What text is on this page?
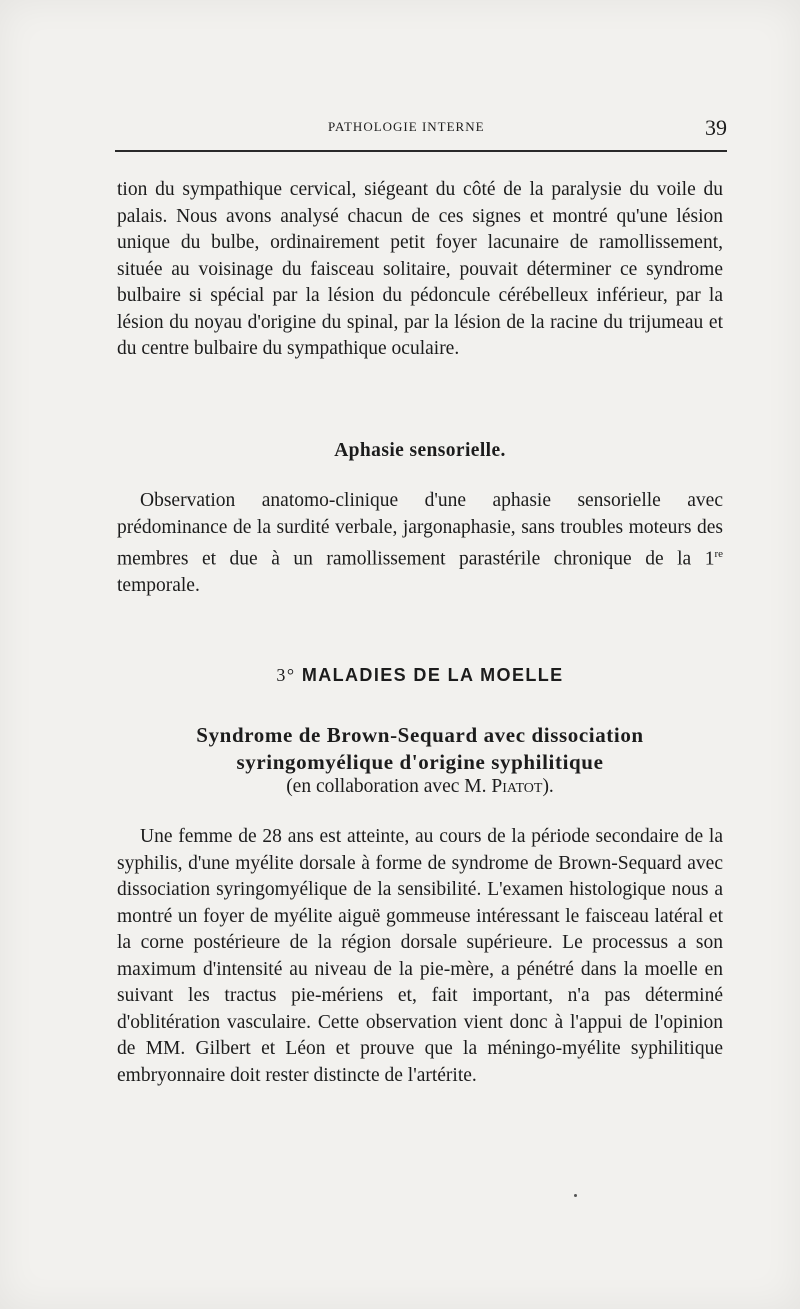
PATHOLOGIE INTERNE	39

tion du sympathique cervical, siégeant du côté de la paralysie du voile du palais. Nous avons analysé chacun de ces signes et montré qu'une lésion unique du bulbe, ordinairement petit foyer lacunaire de ramollissement, située au voisinage du faisceau solitaire, pouvait déterminer ce syndrome bulbaire si spécial par la lésion du pédoncule cérébelleux inférieur, par la lésion du noyau d'origine du spinal, par la lésion de la racine du trijumeau et du centre bulbaire du sympathique oculaire.

Aphasie sensorielle.

Observation anatomo-clinique d'une aphasie sensorielle avec prédominance de la surdité verbale, jargonaphasie, sans troubles moteurs des membres et due à un ramollissement parastérile chronique de la 1re temporale.

3° MALADIES DE LA MOELLE
Syndrome de Brown-Sequard avec dissociation
syringomyélique d'origine syphilitique
(en collaboration avec M. Piatot).

Une femme de 28 ans est atteinte, au cours de la période secondaire de la syphilis, d'une myélite dorsale à forme de syndrome de Brown-Sequard avec dissociation syringomyélique de la sensibilité. L'examen histologique nous a montré un foyer de myélite aiguë gommeuse intéressant le faisceau latéral et la corne postérieure de la région dorsale supérieure. Le processus a son maximum d'intensité au niveau de la pie-mère, a pénétré dans la moelle en suivant les tractus pie-mériens et, fait important, n'a pas déterminé d'oblitération vasculaire. Cette observation vient donc à l'appui de l'opinion de MM. Gilbert et Léon et prouve que la méningo-myélite syphilitique embryonnaire doit rester distincte de l'artérite.
